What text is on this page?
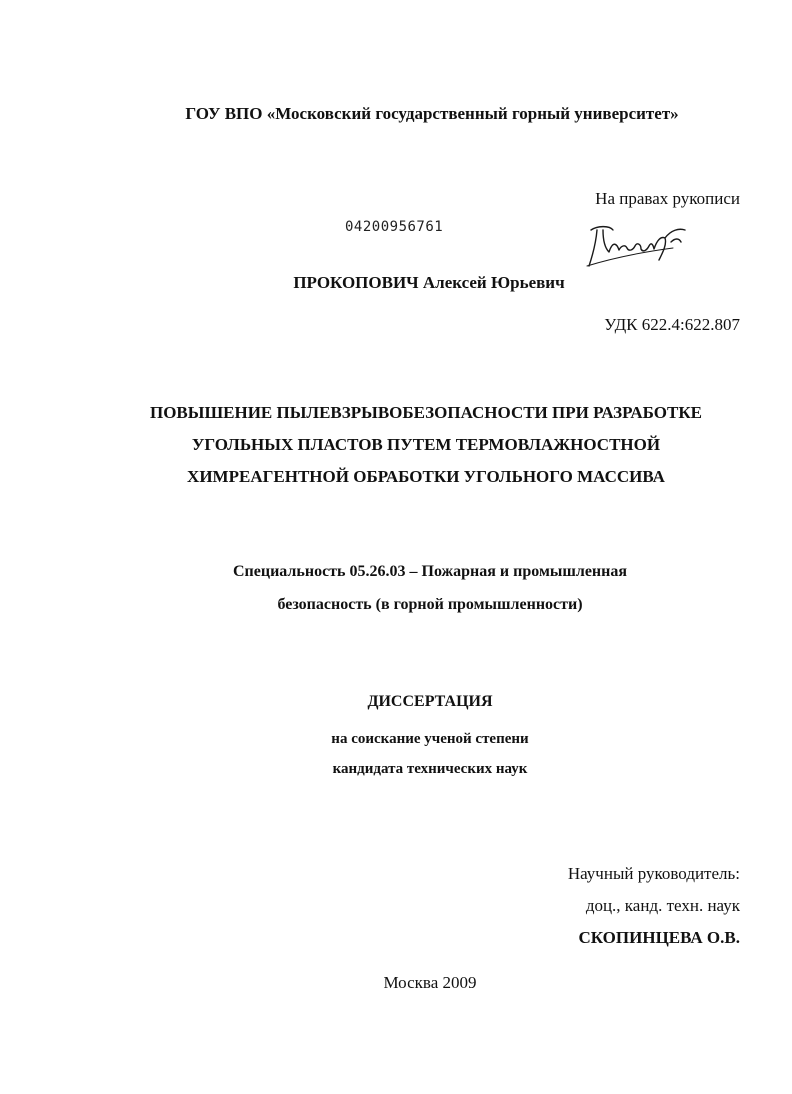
ГОУ ВПО «Московский государственный горный университет»
На правах рукописи
04200956761
ПРОКОПОВИЧ Алексей Юрьевич
УДК 622.4:622.807
ПОВЫШЕНИЕ ПЫЛЕВЗРЫВОБЕЗОПАСНОСТИ ПРИ РАЗРАБОТКЕ
УГОЛЬНЫХ ПЛАСТОВ ПУТЕМ ТЕРМОВЛАЖНОСТНОЙ
ХИМРЕАГЕНТНОЙ ОБРАБОТКИ УГОЛЬНОГО МАССИВА
Специальность 05.26.03 – Пожарная и промышленная
безопасность (в горной промышленности)
ДИССЕРТАЦИЯ
на соискание ученой степени
кандидата технических наук
Научный руководитель:
доц., канд. техн. наук
СКОПИНЦЕВА О.В.
Москва 2009
